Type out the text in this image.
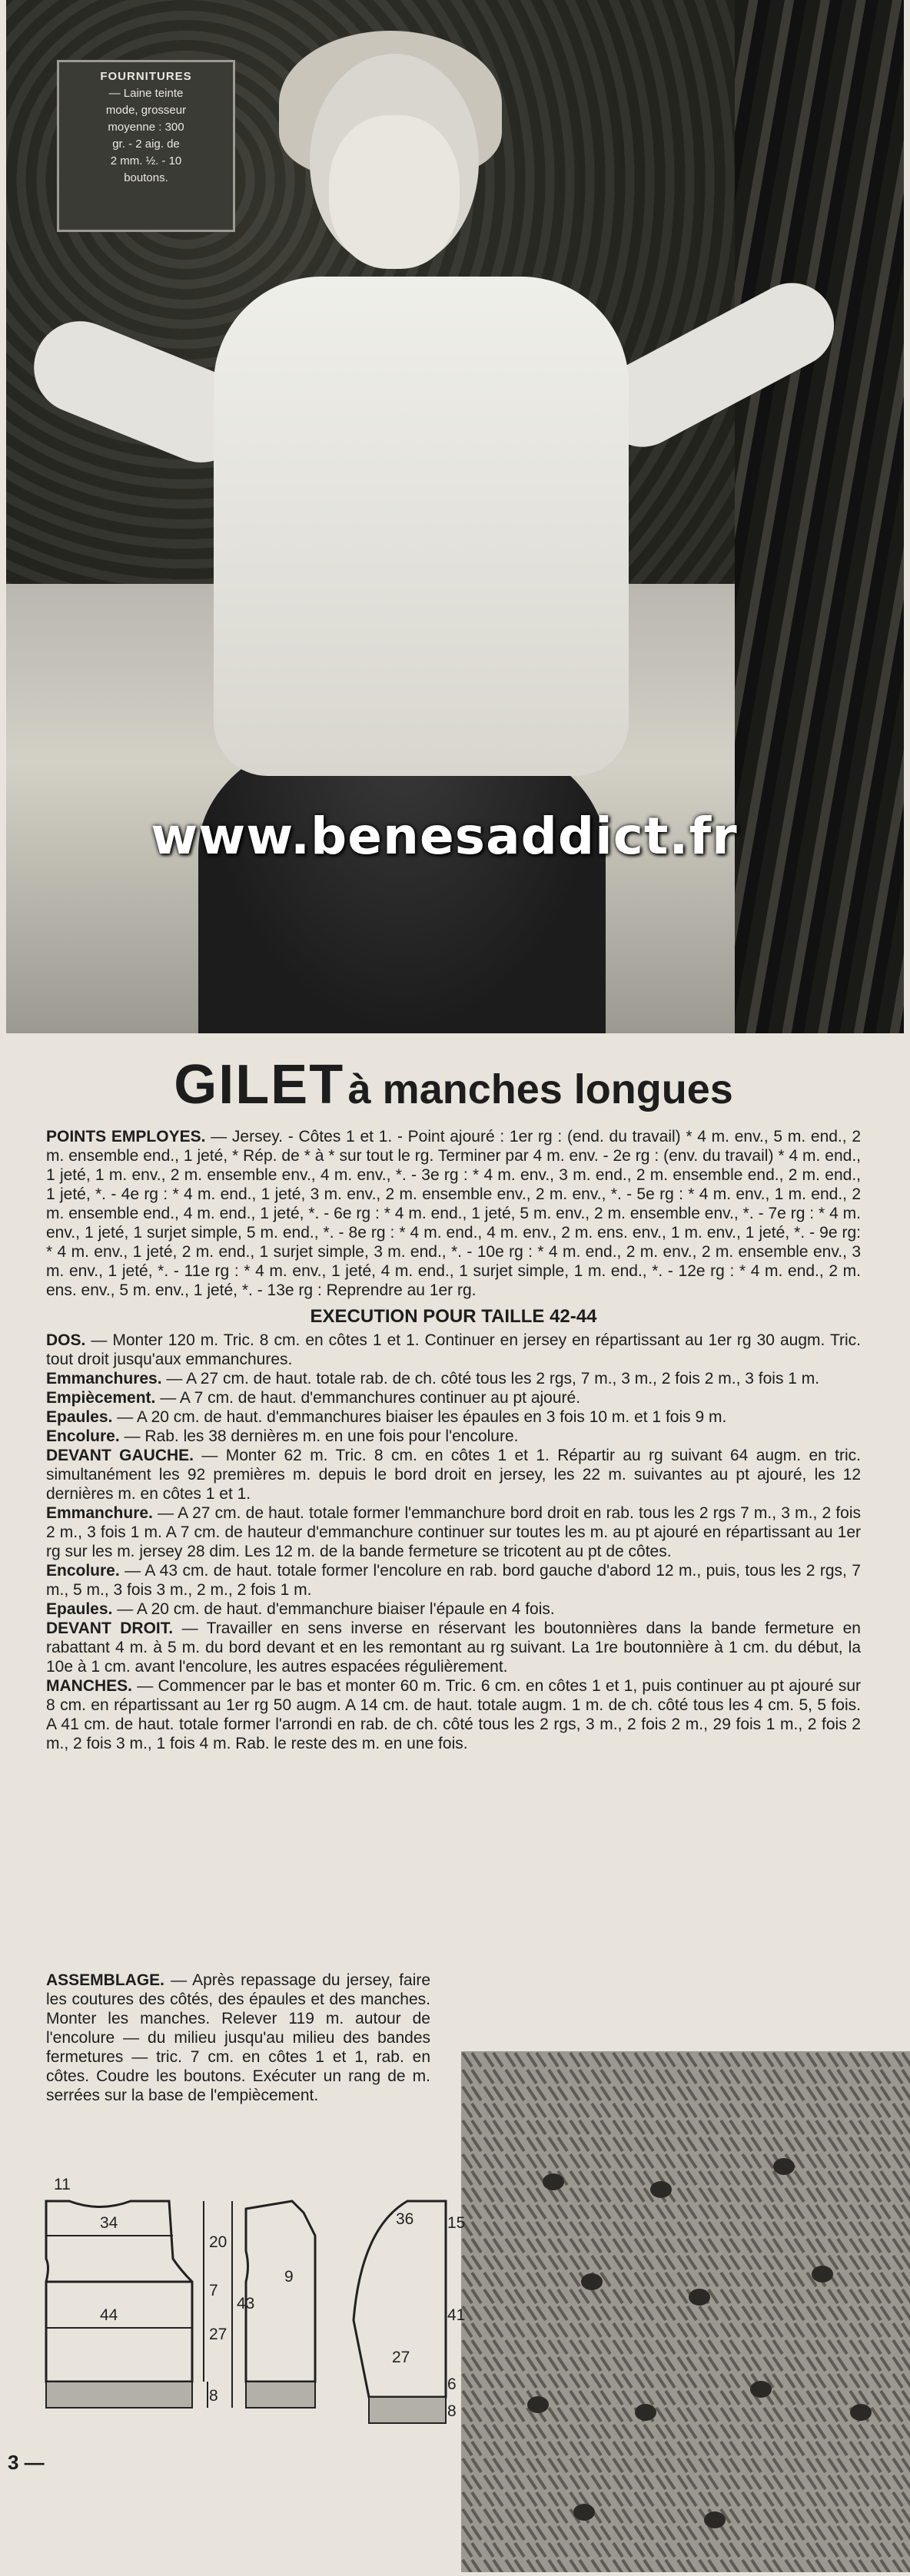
FOURNITURES
— Laine teinte
mode, grosseur
moyenne : 300
gr. - 2 aig. de
2 mm. ½. - 10
boutons.
www.benesaddict.fr
GILET à manches longues

POINTS EMPLOYES. — Jersey. - Côtes 1 et 1. - Point ajouré : 1er rg : (end. du travail) * 4 m. env., 5 m. end., 2 m. ensemble end., 1 jeté, * Rép. de * à * sur tout le rg. Terminer par 4 m. env. - 2e rg : (env. du travail) * 4 m. end., 1 jeté, 1 m. env., 2 m. ensemble env., 4 m. env., *. - 3e rg : * 4 m. env., 3 m. end., 2 m. ensemble end., 2 m. end., 1 jeté, *. - 4e rg : * 4 m. end., 1 jeté, 3 m. env., 2 m. ensemble env., 2 m. env., *. - 5e rg : * 4 m. env., 1 m. end., 2 m. ensemble end., 4 m. end., 1 jeté, *. - 6e rg : * 4 m. end., 1 jeté, 5 m. env., 2 m. ensemble env., *. - 7e rg : * 4 m. env., 1 jeté, 1 surjet simple, 5 m. end., *. - 8e rg : * 4 m. end., 4 m. env., 2 m. ens. env., 1 m. env., 1 jeté, *. - 9e rg: * 4 m. env., 1 jeté, 2 m. end., 1 surjet simple, 3 m. end., *. - 10e rg : * 4 m. end., 2 m. env., 2 m. ensemble env., 3 m. env., 1 jeté, *. - 11e rg : * 4 m. env., 1 jeté, 4 m. end., 1 surjet simple, 1 m. end., *. - 12e rg : * 4 m. end., 2 m. ens. env., 5 m. env., 1 jeté, *. - 13e rg : Reprendre au 1er rg.

EXECUTION POUR TAILLE 42-44

DOS. — Monter 120 m. Tric. 8 cm. en côtes 1 et 1. Continuer en jersey en répartissant au 1er rg 30 augm. Tric. tout droit jusqu'aux emmanchures.

Emmanchures. — A 27 cm. de haut. totale rab. de ch. côté tous les 2 rgs, 7 m., 3 m., 2 fois 2 m., 3 fois 1 m.

Empiècement. — A 7 cm. de haut. d'emmanchures continuer au pt ajouré.

Epaules. — A 20 cm. de haut. d'emmanchures biaiser les épaules en 3 fois 10 m. et 1 fois 9 m.

Encolure. — Rab. les 38 dernières m. en une fois pour l'encolure.

DEVANT GAUCHE. — Monter 62 m. Tric. 8 cm. en côtes 1 et 1. Répartir au rg suivant 64 augm. en tric. simultanément les 92 premières m. depuis le bord droit en jersey, les 22 m. suivantes au pt ajouré, les 12 dernières m. en côtes 1 et 1.

Emmanchure. — A 27 cm. de haut. totale former l'emmanchure bord droit en rab. tous les 2 rgs 7 m., 3 m., 2 fois 2 m., 3 fois 1 m. A 7 cm. de hauteur d'emmanchure continuer sur toutes les m. au pt ajouré en répartissant au 1er rg sur les m. jersey 28 dim. Les 12 m. de la bande fermeture se tricotent au pt de côtes.

Encolure. — A 43 cm. de haut. totale former l'encolure en rab. bord gauche d'abord 12 m., puis, tous les 2 rgs, 7 m., 5 m., 3 fois 3 m., 2 m., 2 fois 1 m.

Epaules. — A 20 cm. de haut. d'emmanchure biaiser l'épaule en 4 fois.

DEVANT DROIT. — Travailler en sens inverse en réservant les boutonnières dans la bande fermeture en rabattant 4 m. à 5 m. du bord devant et en les remontant au rg suivant. La 1re boutonnière à 1 cm. du début, la 10e à 1 cm. avant l'encolure, les autres espacées régulièrement.

MANCHES. — Commencer par le bas et monter 60 m. Tric. 6 cm. en côtes 1 et 1, puis continuer au pt ajouré sur 8 cm. en répartissant au 1er rg 50 augm. A 14 cm. de haut. totale augm. 1 m. de ch. côté tous les 4 cm. 5, 5 fois. A 41 cm. de haut. totale former l'arrondi en rab. de ch. côté tous les 2 rgs, 3 m., 2 fois 2 m., 29 fois 1 m., 2 fois 2 m., 2 fois 3 m., 1 fois 4 m. Rab. le reste des m. en une fois.

ASSEMBLAGE. — Après repassage du jersey, faire les coutures des côtés, des épaules et des manches. Monter les manches. Relever 119 m. autour de l'encolure — du milieu jusqu'au milieu des bandes fermetures — tric. 7 cm. en côtes 1 et 1, rab. en côtes. Coudre les boutons. Exécuter un rang de m. serrées sur la base de l'empiècement.

11
34
44
20
7
27
8
43
9
36 15
27
41
8
6
3 —
